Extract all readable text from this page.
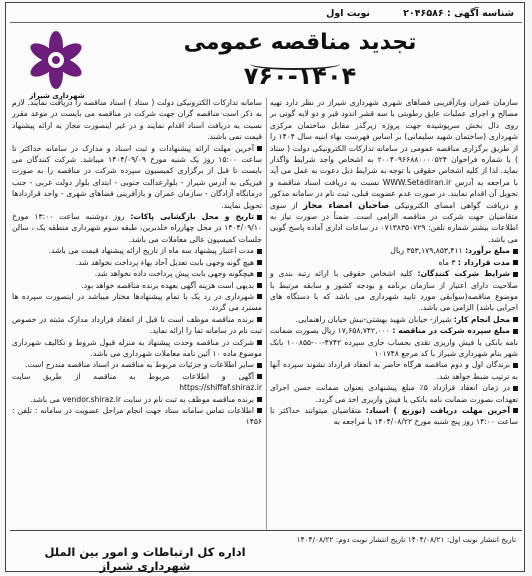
شناسه آگهی : ۲۰۴۶۵۸۶
نوبت اول
شهرداری شیراز
تجدید مناقصه عمومی
۷۶۰-۱۴۰۴

سازمان عمران وبازآفرینی فضاهای شهری شهرداری شیراز در نظر دارد تهیه مصالح و اجرای عملیات عایق رطوبتی با سه قشر اندود قیر و دو لایه گونی بر روی دال بخش سرپوشیده جهت پروژه زیرگذر مقابل ساختمان مرکزی شهرداری (ساختمان شهید سلیمانی) بر اساس فهرست بهاء ابنیه سال ۱۴۰۴ را از طریق برگزاری مناقصه عمومی در سامانه تدارکات الکترونیکی دولت ( ستاد ) با شماره فراخوان ۲۰۰۴۰۹۶۶۸۸۰۰۰۰۵۲۴ به اشخاص واجد شرایط واگذار نماید. لذا از کلیه اشخاص حقوقی با توجه به شرایط ذیل دعوت به عمل می آید با مراجعه به آدرس WWW.Setadiran.ir نسبت به دریافت اسناد مناقصه و تحویل آن اقدام نمایند. در صورت عدم عضویت قبلی، ثبت نام در سامانه مذکور و دریافت گواهی امضای الکترونیکی صاحبان امضاء مجاز از سوی متقاضیان جهت شرکت در مناقصه الزامی است. ضمناً در صورت نیاز به اطلاعات بیشتر شماره تلفن: ۰۷۱۳۸۳۵۰۷۲۹ در ساعات اداری آماده پاسخ گویی می باشد.

مبلغ برآورد: ۳۵۳,۱۷۹,۸۵۳,۴۱۱ ریال

مدت قرارداد : ۳ ماه

شرایط شرکت کنندگان: کلیه اشخاص حقوقی با ارائه رتبه بندی و صلاحیت دارای اعتبار از سازمان برنامه و بودجه کشور و سابقه مرتبط با موضوع مناقصه(سوابقی مورد تایید شهرداری می باشد که با دستگاه های اجرایی باشد) الزامی می باشد.

محل انجام کار: شیراز- خیابان شهید بهشتی-نبش خیابان راهنمایی.

مبلغ سپرده شرکت در مناقصه : ۱۷,۶۵۸,۷۴۲,۰۰۰ ریال بصورت ضمانت نامه بانکی یا فیش واریزی نقدی بحساب جاری سپرده ۴۷۴۲-۰۰-۱۰۰۸۵۵ بانک شهر بنام شهرداری شیراز با کد مرجع ۱۰۱۷۴۸

برندگان اول و دوم مناقصه هرگاه حاضر به انعقاد قرارداد نشوند سپرده آنها به ترتیب ضبط خواهد شد.

در زمان انعقاد قرارداد ۵٪ مبلغ پیشنهادی بعنوان ضمانت حسن اجرای تعهدات بصورت ضمانت نامه بانکی یا فیش واریزی اخذ می گردد.

آخرین مهلت دریافت (توزیع ) اسناد: متقاضیان میتوانند حداکثر تا ساعت ۱۴:۰۰ روز پنج شنبه مورخ ۱۴۰۴/۰۸/۲۲ با مراجعه به

سامانه تدارکات الکترونیکی دولت ( ستاد ) اسناد مناقصه را دریافت نمایند. لازم به ذکر است مناقصه گران جهت شرکت در مناقصه می بایست در موعد مقرر نسبت به دریافت اسناد اقدام نمایند و در غیر اینصورت مجاز به ارائه پیشنهاد قیمت نمی باشند.

آخرین مهلت ارائه پیشنهادات و ثبت اسناد و مدارک در سامانه حداکثر تا ساعت ۱۵:۰۰ روز یک شنبه مورخ ۱۴۰۴/۰۹/۰۹ میباشد. شرکت کنندگان می بایست تا قبل از برگزاری کمیسیون سپرده شرکت در مناقصه را به صورت فیزیکی به آدرس شیراز - بلوارعدالت جنوبی - ابتدای بلوار دولت غربی - جنب درمانگاه آزادگان - سازمان عمران و بازآفرینی فضاهای شهری - واحد قراردادها تحویل نمایند.

تاریخ و محل بازگشایی پاکات: روز دوشنبه ساعت ۱۳:۰۰ مورخ ۱۴۰۴/۰۹/۱۰ در محل چهارراه خلدبرین، طبقه سوم شهرداری منطقه یک ، سالن جلسات کمیسیون عالی معاملات می باشد.

مدت اعتبار پیشنهاد سه ماه از تاریخ ارائه پیشنهاد قیمت می باشد.

هیچ گونه وجهی بابت تعدیل آحاد بهاء پرداخت نخواهد شد.

هیچگونه وجهی بابت پیش پرداخت داده نخواهد شد.

بدیهی است هزینه آگهی بعهده برنده مناقصه خواهد بود.

شهرداری در رد یک یا تمام پیشنهادها مختار میباشد در اینصورت سپرده ها مسترد می گردد.

برنده مناقصه موظف است تا قبل از انعقاد قرارداد مدارک مثبته در خصوص ثبت نام در سامانه تما را ارائه نماید.

شرکت در مناقصه وحدت پیشنهاد به منزله قبول شروط و تکالیف شهرداری موضوع ماده ۱۰ آئین نامه معاملات شهرداری می باشد.

سایر اطلاعات و جزئیات مربوط به مناقصه در اسناد مناقصه مندرج است.

آگهی و اطلاعات مربوط به مناقصه از طریق سایت https://shiffaf.shiraz.ir

برنده مناقصه موظف به ثبت نام در سایت vendor.shiraz.ir می باشد.

اطلاعات تماس سامانه ستاد جهت انجام مراحل عضویت در سامانه : تلفن : ۱۴۵۶

تاریخ انتشار نوبت اول: ۱۴۰۴/۰۸/۲۱ تاریخ انتشار نوبت دوم: ۱۴۰۴/۰۸/۲۲
اداره کل ارتباطات و امور بین الملل شهرداری شیراز
